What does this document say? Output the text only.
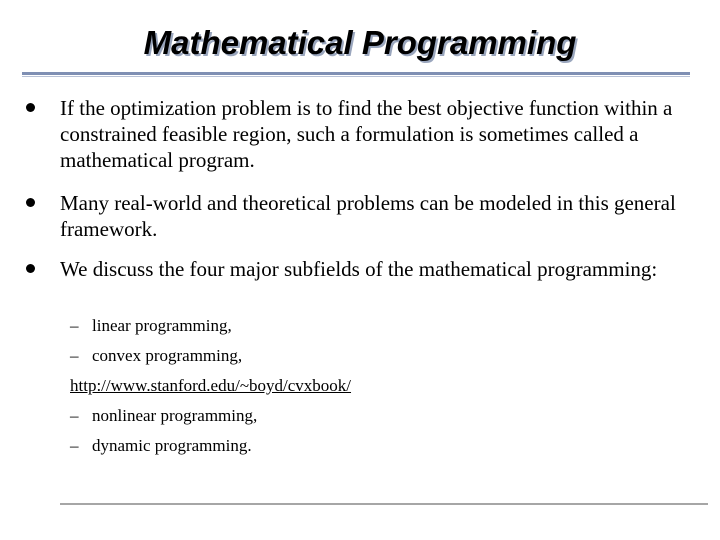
Mathematical Programming
If the optimization problem is to find the best objective function within a constrained feasible region, such a formulation is sometimes called a mathematical program.
Many real-world and theoretical problems can be modeled in this general framework.
We discuss the four major subfields of the mathematical programming:
– linear programming,
– convex programming,
http://www.stanford.edu/~boyd/cvxbook/
– nonlinear programming,
– dynamic programming.
